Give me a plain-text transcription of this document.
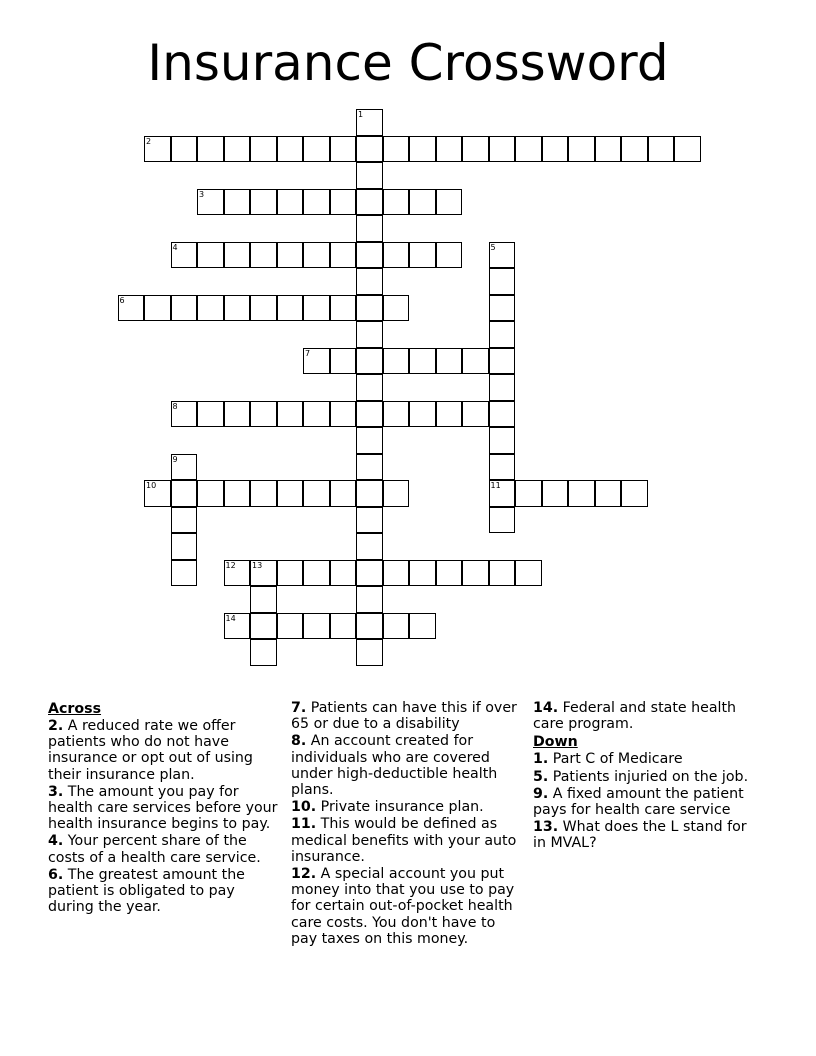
Insurance Crossword
1
2
3
4	5
11
6
7
8
9
10
12 13
14
Across
2. A reduced rate we offer patients who do not have insurance or opt out of using their insurance plan.
3. The amount you pay for health care services before your health insurance begins to pay.
4. Your percent share of the costs of a health care service.
6. The greatest amount the patient is obligated to pay during the year.
7. Patients can have this if over 65 or due to a disability
8. An account created for individuals who are covered under high-deductible health plans.
10. Private insurance plan.
11. This would be defined as medical benefits with your auto insurance.
12. A special account you put money into that you use to pay for certain out-of-pocket health care costs. You don't have to pay taxes on this money.
14. Federal and state health care program.
Down
1. Part C of Medicare
5. Patients injuried on the job.
9. A fixed amount the patient pays for health care service
13. What does the L stand for in MVAL?
